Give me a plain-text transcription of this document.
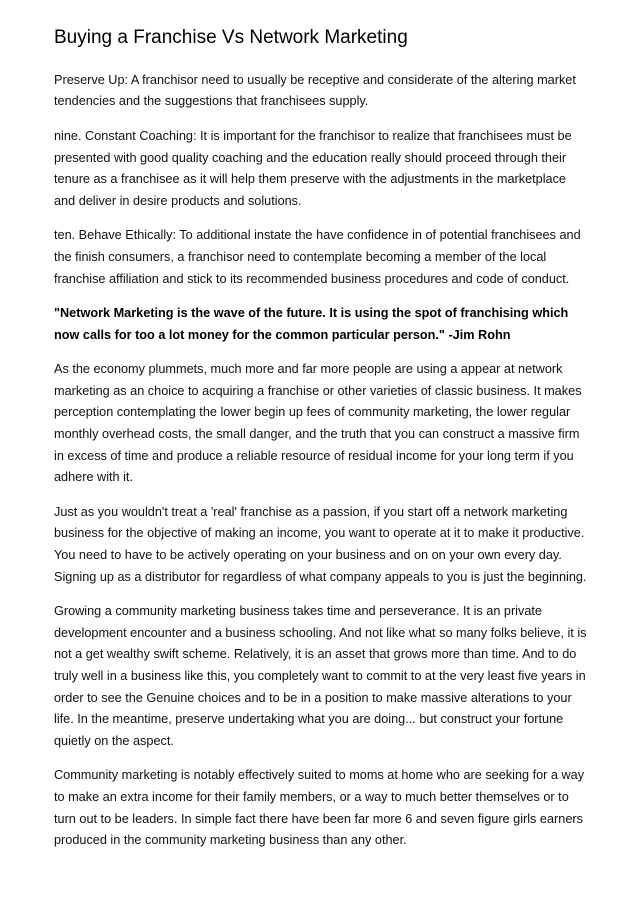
Buying a Franchise Vs Network Marketing

Preserve Up: A franchisor need to usually be receptive and considerate of the altering market tendencies and the suggestions that franchisees supply.

nine. Constant Coaching: It is important for the franchisor to realize that franchisees must be presented with good quality coaching and the education really should proceed through their tenure as a franchisee as it will help them preserve with the adjustments in the marketplace and deliver in desire products and solutions.

ten. Behave Ethically: To additional instate the have confidence in of potential franchisees and the finish consumers, a franchisor need to contemplate becoming a member of the local franchise affiliation and stick to its recommended business procedures and code of conduct.

"Network Marketing is the wave of the future. It is using the spot of franchising which now calls for too a lot money for the common particular person." -Jim Rohn

As the economy plummets, much more and far more people are using a appear at network marketing as an choice to acquiring a franchise or other varieties of classic business. It makes perception contemplating the lower begin up fees of community marketing, the lower regular monthly overhead costs, the small danger, and the truth that you can construct a massive firm in excess of time and produce a reliable resource of residual income for your long term if you adhere with it.

Just as you wouldn't treat a 'real' franchise as a passion, if you start off a network marketing business for the objective of making an income, you want to operate at it to make it productive. You need to have to be actively operating on your business and on on your own every day. Signing up as a distributor for regardless of what company appeals to you is just the beginning.

Growing a community marketing business takes time and perseverance. It is an private development encounter and a business schooling. And not like what so many folks believe, it is not a get wealthy swift scheme. Relatively, it is an asset that grows more than time. And to do truly well in a business like this, you completely want to commit to at the very least five years in order to see the Genuine choices and to be in a position to make massive alterations to your life. In the meantime, preserve undertaking what you are doing... but construct your fortune quietly on the aspect.

Community marketing is notably effectively suited to moms at home who are seeking for a way to make an extra income for their family members, or a way to much better themselves or to turn out to be leaders. In simple fact there have been far more 6 and seven figure girls earners produced in the community marketing business than any other.
